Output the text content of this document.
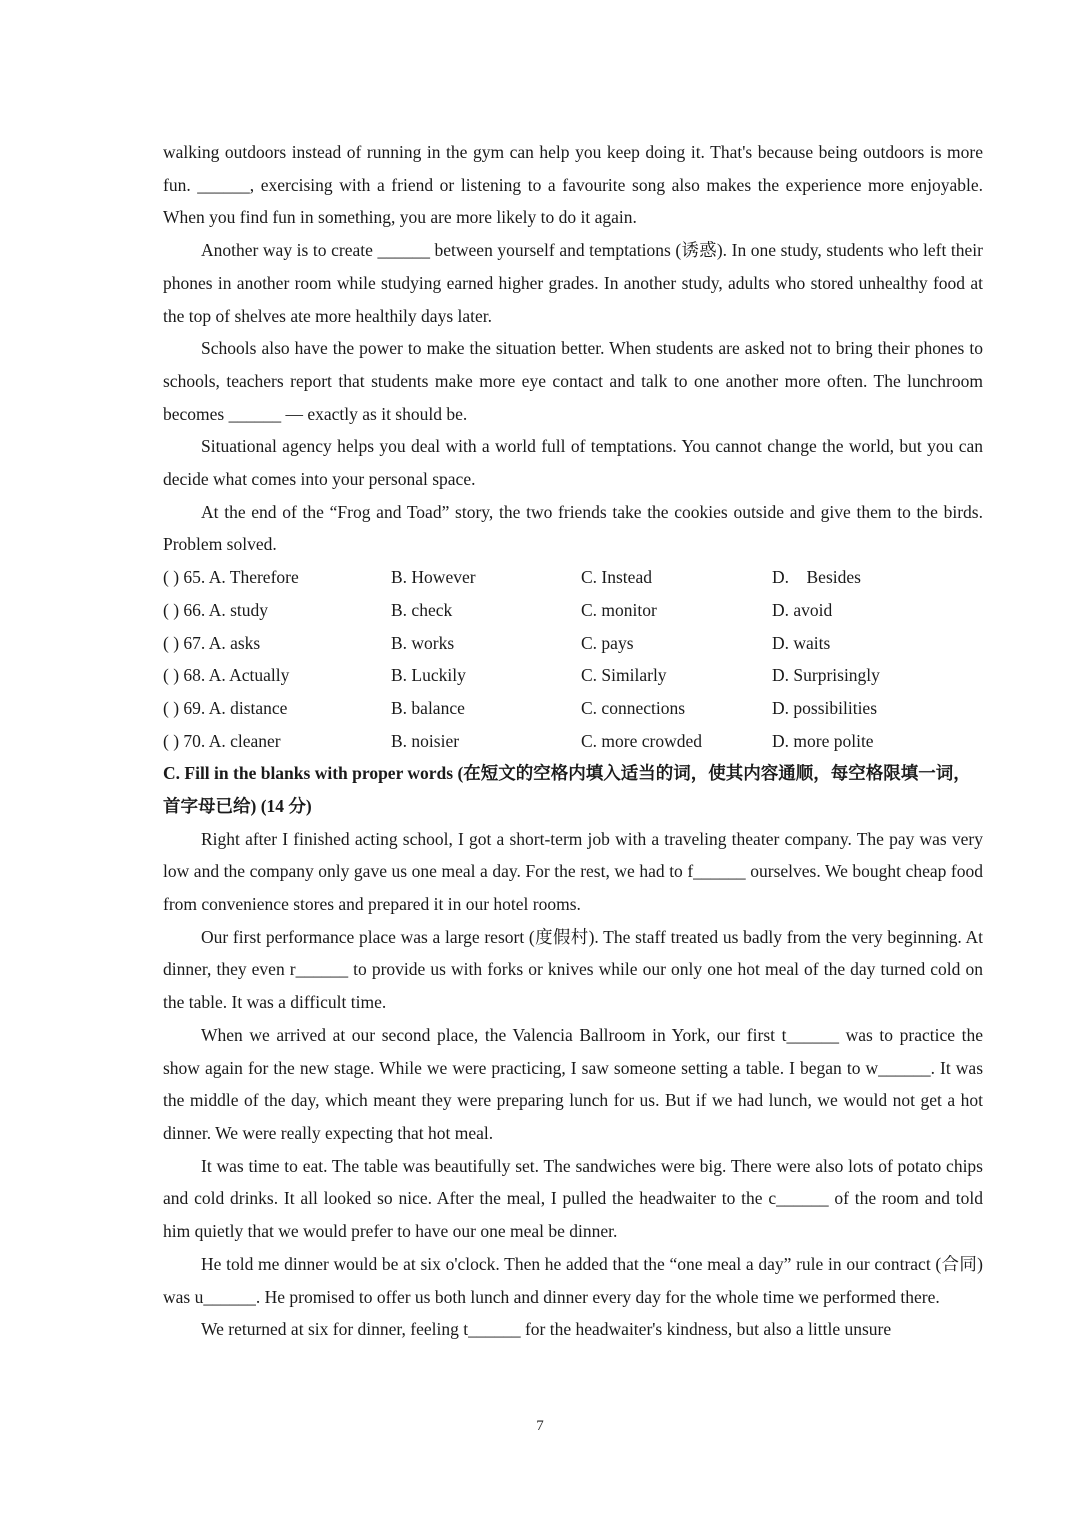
walking outdoors instead of running in the gym can help you keep doing it. That's because being outdoors is more fun. ______, exercising with a friend or listening to a favourite song also makes the experience more enjoyable. When you find fun in something, you are more likely to do it again.

Another way is to create ______ between yourself and temptations (诱惑). In one study, students who left their phones in another room while studying earned higher grades. In another study, adults who stored unhealthy food at the top of shelves ate more healthily days later.

Schools also have the power to make the situation better. When students are asked not to bring their phones to schools, teachers report that students make more eye contact and talk to one another more often. The lunchroom becomes ______ — exactly as it should be.

Situational agency helps you deal with a world full of temptations. You cannot change the world, but you can decide what comes into your personal space.

At the end of the “Frog and Toad” story, the two friends take the cookies outside and give them to the birds. Problem solved.

( ) 65. A. Therefore	B. However	C. Instead	D.    Besides
( ) 66. A. study	B. check	C. monitor	D. avoid
( ) 67. A. asks	B. works	C. pays	D. waits
( ) 68. A. Actually	B. Luckily	C. Similarly	D. Surprisingly
( ) 69. A. distance	B. balance	C. connections	D. possibilities
( ) 70. A. cleaner	B. noisier	C. more crowded	D. more polite

C. Fill in the blanks with proper words (在短文的空格内填入适当的词，使其内容通顺，每空格限填一词，首字母已给) (14 分)

Right after I finished acting school, I got a short-term job with a traveling theater company. The pay was very low and the company only gave us one meal a day. For the rest, we had to f______ ourselves. We bought cheap food from convenience stores and prepared it in our hotel rooms.

Our first performance place was a large resort (度假村). The staff treated us badly from the very beginning. At dinner, they even r______ to provide us with forks or knives while our only one hot meal of the day turned cold on the table. It was a difficult time.

When we arrived at our second place, the Valencia Ballroom in York, our first t______ was to practice the show again for the new stage. While we were practicing, I saw someone setting a table. I began to w______. It was the middle of the day, which meant they were preparing lunch for us. But if we had lunch, we would not get a hot dinner. We were really expecting that hot meal.

It was time to eat. The table was beautifully set. The sandwiches were big. There were also lots of potato chips and cold drinks. It all looked so nice. After the meal, I pulled the headwaiter to the c______ of the room and told him quietly that we would prefer to have our one meal be dinner.

He told me dinner would be at six o'clock. Then he added that the “one meal a day” rule in our contract (合同) was u______. He promised to offer us both lunch and dinner every day for the whole time we performed there.

We returned at six for dinner, feeling t______ for the headwaiter's kindness, but also a little unsure

7
